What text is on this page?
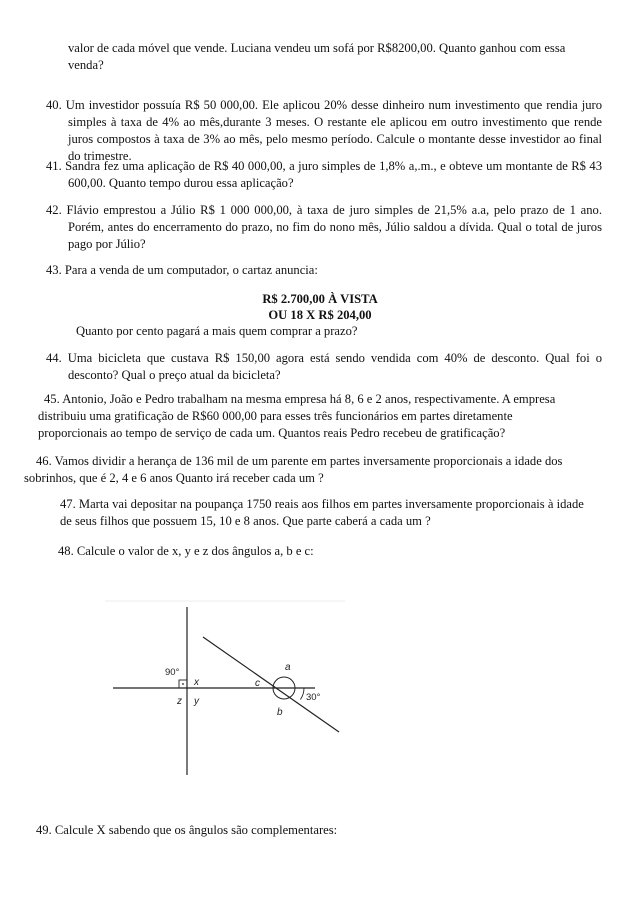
valor de cada móvel que vende. Luciana vendeu um sofá por R$8200,00. Quanto ganhou com essa
venda?
40. Um investidor possuía R$ 50 000,00. Ele aplicou 20% desse dinheiro num investimento que rendia juro simples à taxa de 4% ao mês,durante 3 meses. O restante ele aplicou em outro investimento que rende juros compostos à taxa de 3% ao mês, pelo mesmo período. Calcule o montante desse investidor ao final do trimestre.
41. Sandra fez uma aplicação de R$ 40 000,00, a juro simples de 1,8% a,.m., e obteve um montante de R$ 43 600,00. Quanto tempo durou essa aplicação?
42. Flávio emprestou a Júlio R$ 1 000 000,00, à taxa de juro simples de 21,5% a.a, pelo prazo de 1 ano. Porém, antes do encerramento do prazo, no fim do nono mês, Júlio saldou a dívida. Qual o total de juros pago por Júlio?
43. Para a venda de um computador, o cartaz anuncia:
R$ 2.700,00 À VISTA
OU 18 X R$ 204,00
Quanto por cento pagará a mais quem comprar a prazo?
44. Uma bicicleta que custava R$ 150,00 agora está sendo vendida com 40% de desconto. Qual foi o desconto? Qual o preço atual da bicicleta?
45. Antonio, João e Pedro trabalham na mesma empresa há 8, 6 e 2 anos, respectivamente. A empresa
distribuiu uma gratificação de R$60 000,00 para esses três funcionários em partes diretamente
proporcionais ao tempo de serviço de cada um. Quantos reais Pedro recebeu de gratificação?
46. Vamos dividir a herança de 136 mil de um parente em partes inversamente proporcionais a idade dos
sobrinhos, que é 2, 4 e 6 anos Quanto irá receber cada um ?
47. Marta vai depositar na poupança 1750 reais aos filhos em partes inversamente proporcionais à idade
de seus filhos que possuem 15, 10 e 8 anos. Que parte caberá a cada um ?
48. Calcule o valor de x, y e z dos ângulos a, b e c:
90°
x
z y
a
c
b
30°
49. Calcule X sabendo que os ângulos são complementares:
